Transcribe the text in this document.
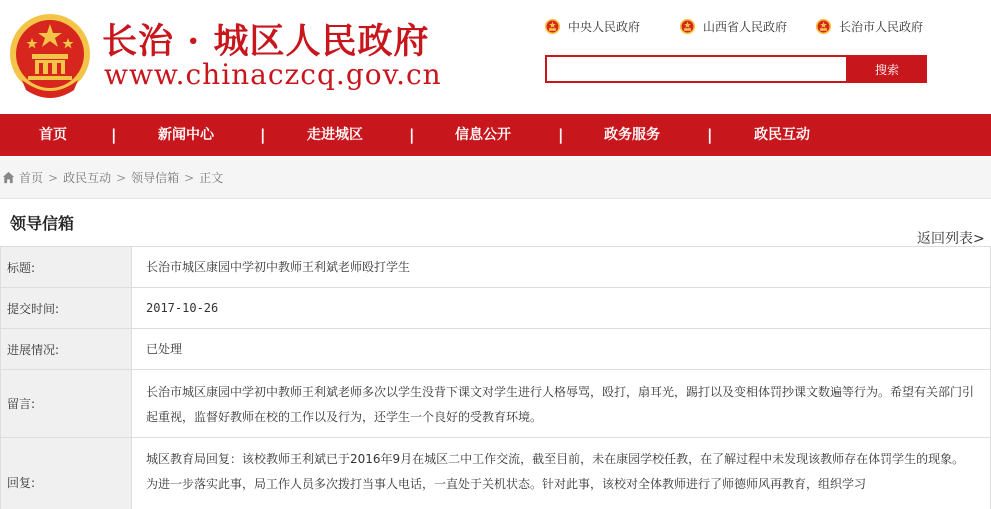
长治 · 城区人民政府
www.chinaczcq.gov.cn
中央人民政府	山西省人民政府	长治市人民政府
搜索
首页	|	新闻中心	|	走进城区	|	信息公开	|	政务服务	|	政民互动
首页 > 政民互动 > 领导信箱 > 正文
领导信箱
返回列表>
标题:	长治市城区康园中学初中教师王利斌老师殴打学生
提交时间:	2017-10-26
进展情况:	已处理
留言:	长治市城区康园中学初中教师王利斌老师多次以学生没背下课文对学生进行人格辱骂，殴打，扇耳光，踢打以及变相体罚抄课文数遍等行为。希望有关部门引起重视，监督好教师在校的工作以及行为，还学生一个良好的受教育环境。
回复:	城区教育局回复：该校教师王利斌已于2016年9月在城区二中工作交流，截至目前，未在康园学校任教，在了解过程中未发现该教师存在体罚学生的现象。为进一步落实此事，局工作人员多次拨打当事人电话，一直处于关机状态。针对此事，该校对全体教师进行了师德师风再教育，组织学习
